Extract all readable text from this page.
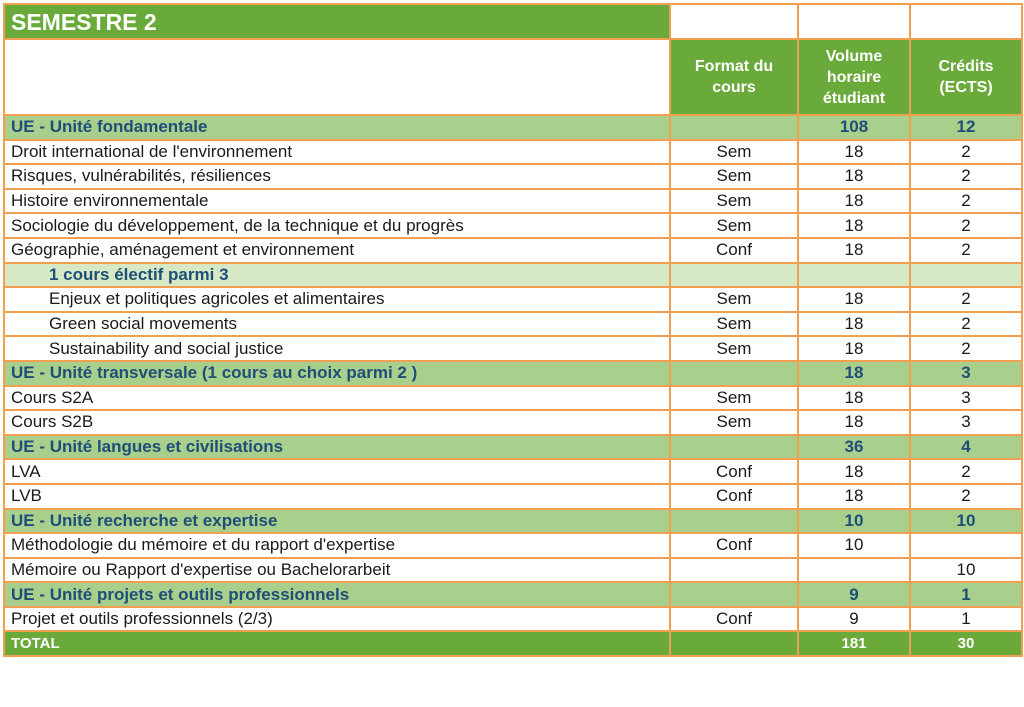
SEMESTRE 2			
	Format du cours	Volume horaire étudiant	Crédits (ECTS)
UE - Unité fondamentale		108	12
Droit international de l'environnement	Sem	18	2
Risques, vulnérabilités, résiliences	Sem	18	2
Histoire environnementale	Sem	18	2
Sociologie du développement, de la technique et du progrès	Sem	18	2
Géographie, aménagement et environnement	Conf	18	2
1 cours électif parmi 3			
Enjeux et politiques agricoles et alimentaires	Sem	18	2
Green social movements	Sem	18	2
Sustainability and social justice	Sem	18	2
UE - Unité transversale (1 cours au choix parmi 2 )		18	3
Cours S2A	Sem	18	3
Cours S2B	Sem	18	3
UE - Unité langues et civilisations		36	4
LVA	Conf	18	2
LVB	Conf	18	2
UE - Unité recherche et expertise		10	10
Méthodologie du mémoire et du rapport d'expertise	Conf	10	
Mémoire ou Rapport d'expertise ou Bachelorarbeit			10
UE - Unité projets et outils professionnels		9	1
Projet et outils professionnels (2/3)	Conf	9	1
TOTAL		181	30
